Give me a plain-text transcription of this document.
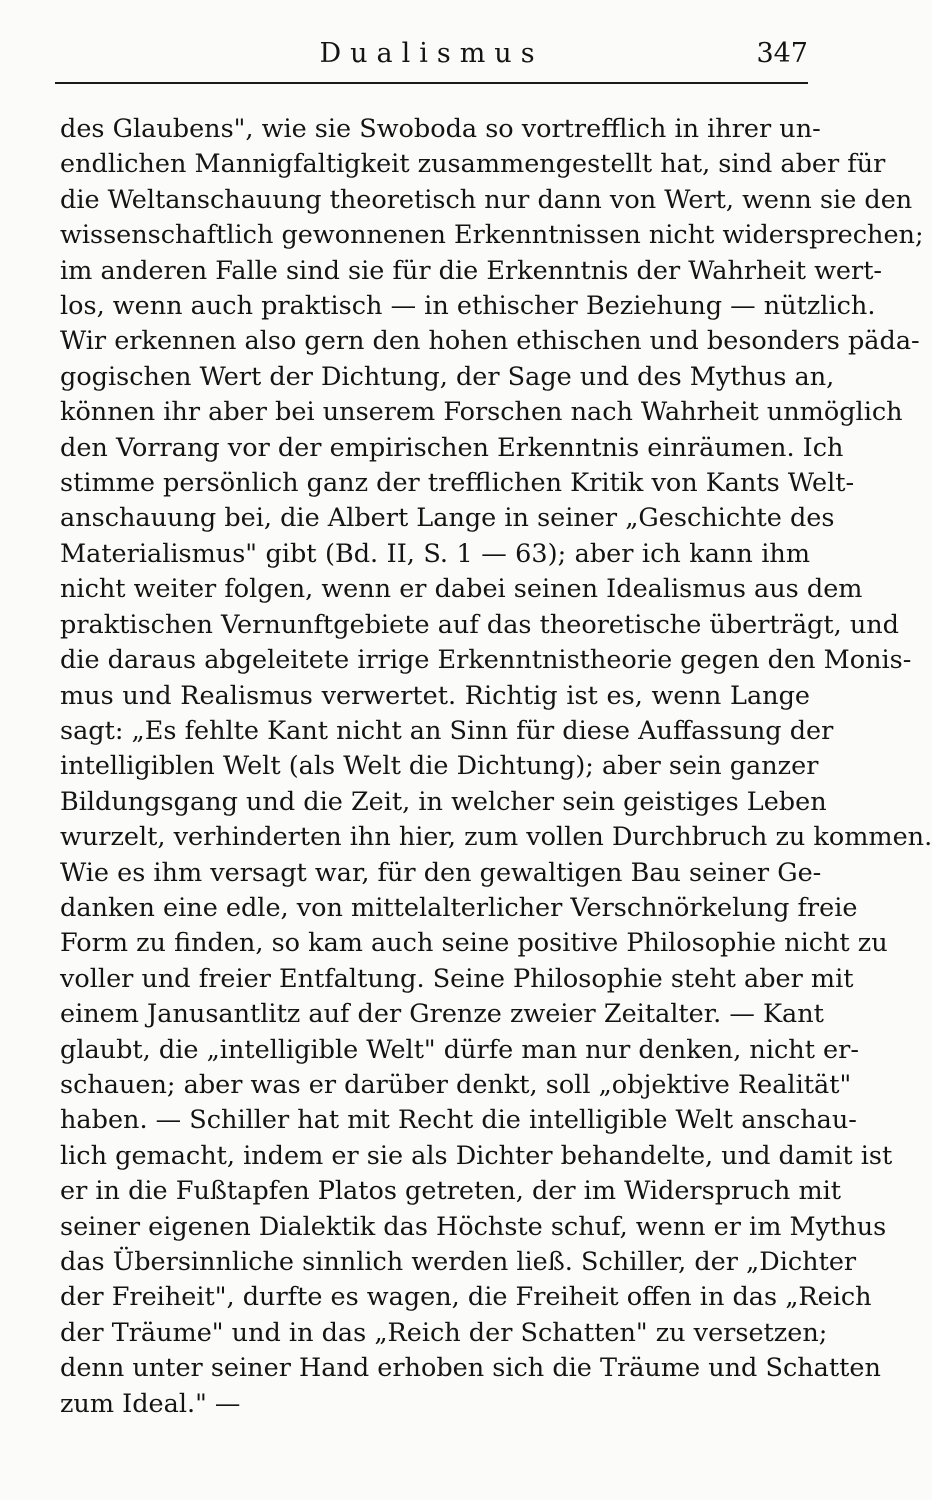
Dualismus	347
des Glaubens", wie sie Swoboda so vortrefflich in ihrer un-
endlichen Mannigfaltigkeit zusammengestellt hat, sind aber für
die Weltanschauung theoretisch nur dann von Wert, wenn sie den
wissenschaftlich gewonnenen Erkenntnissen nicht widersprechen;
im anderen Falle sind sie für die Erkenntnis der Wahrheit wert-
los, wenn auch praktisch — in ethischer Beziehung — nützlich.
Wir erkennen also gern den hohen ethischen und besonders päda-
gogischen Wert der Dichtung, der Sage und des Mythus an,
können ihr aber bei unserem Forschen nach Wahrheit unmöglich
den Vorrang vor der empirischen Erkenntnis einräumen. Ich
stimme persönlich ganz der trefflichen Kritik von Kants Welt-
anschauung bei, die Albert Lange in seiner „Geschichte des
Materialismus" gibt (Bd. II, S. 1 — 63); aber ich kann ihm
nicht weiter folgen, wenn er dabei seinen Idealismus aus dem
praktischen Vernunftgebiete auf das theoretische überträgt, und
die daraus abgeleitete irrige Erkenntnistheorie gegen den Monis-
mus und Realismus verwertet. Richtig ist es, wenn Lange
sagt: „Es fehlte Kant nicht an Sinn für diese Auffassung der
intelligiblen Welt (als Welt die Dichtung); aber sein ganzer
Bildungsgang und die Zeit, in welcher sein geistiges Leben
wurzelt, verhinderten ihn hier, zum vollen Durchbruch zu kommen.
Wie es ihm versagt war, für den gewaltigen Bau seiner Ge-
danken eine edle, von mittelalterlicher Verschnörkelung freie
Form zu finden, so kam auch seine positive Philosophie nicht zu
voller und freier Entfaltung. Seine Philosophie steht aber mit
einem Janusantlitz auf der Grenze zweier Zeitalter. — Kant
glaubt, die „intelligible Welt" dürfe man nur denken, nicht er-
schauen; aber was er darüber denkt, soll „objektive Realität"
haben. — Schiller hat mit Recht die intelligible Welt anschau-
lich gemacht, indem er sie als Dichter behandelte, und damit ist
er in die Fußtapfen Platos getreten, der im Widerspruch mit
seiner eigenen Dialektik das Höchste schuf, wenn er im Mythus
das Übersinnliche sinnlich werden ließ. Schiller, der „Dichter
der Freiheit", durfte es wagen, die Freiheit offen in das „Reich
der Träume" und in das „Reich der Schatten" zu versetzen;
denn unter seiner Hand erhoben sich die Träume und Schatten
zum Ideal." —
